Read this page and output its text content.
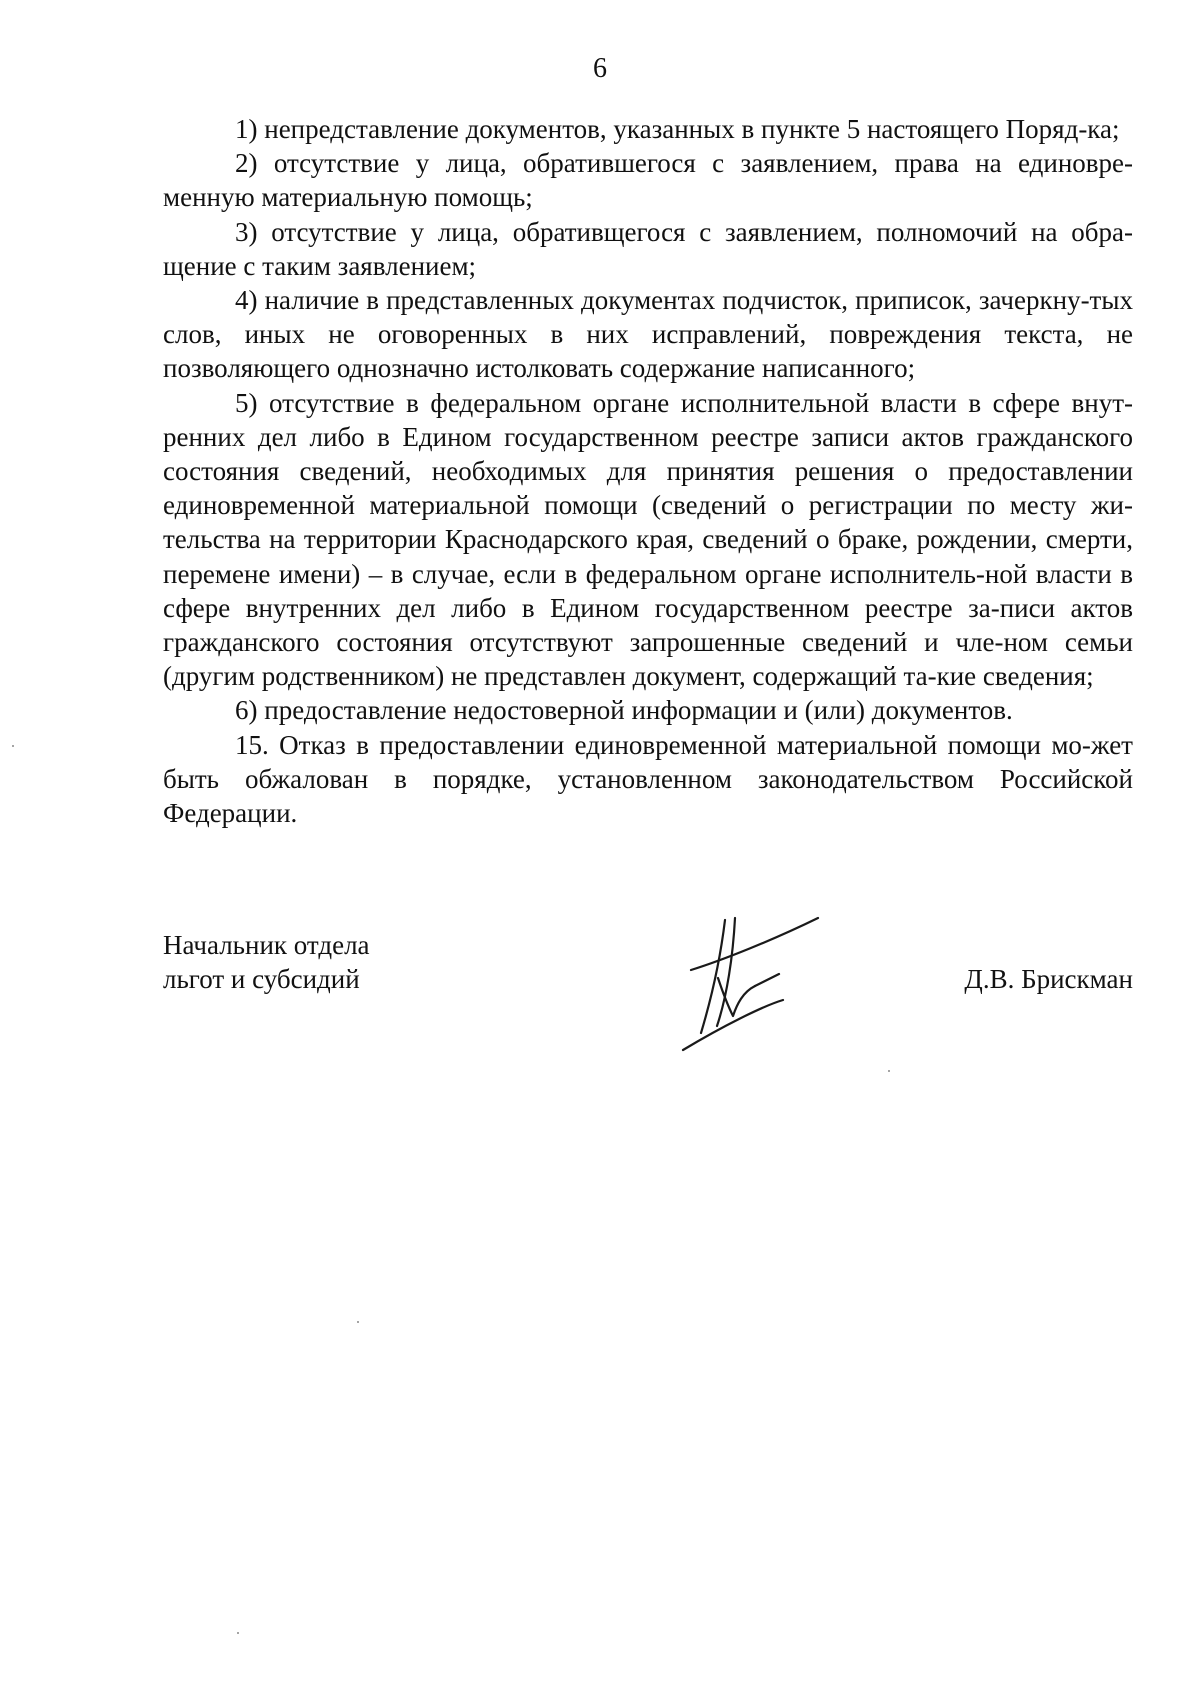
6

1) непредставление документов, указанных в пункте 5 настоящего Поряд-ка;

2) отсутствие у лица, обратившегося с заявлением, права на единовре-менную материальную помощь;

3) отсутствие у лица, обративщегося с заявлением, полномочий на обра-щение с таким заявлением;

4) наличие в представленных документах подчисток, приписок, зачеркну-тых слов, иных не оговоренных в них исправлений, повреждения текста, не позволяющего однозначно истолковать содержание написанного;

5) отсутствие в федеральном органе исполнительной власти в сфере внут-ренних дел либо в Едином государственном реестре записи актов гражданского состояния сведений, необходимых для принятия решения о предоставлении единовременной материальной помощи (сведений о регистрации по месту жи-тельства на территории Краснодарского края, сведений о браке, рождении, смерти, перемене имени) – в случае, если в федеральном органе исполнитель-ной власти в сфере внутренних дел либо в Едином государственном реестре за-писи актов гражданского состояния отсутствуют запрошенные сведений и чле-ном семьи (другим родственником) не представлен документ, содержащий та-кие сведения;

6) предоставление недостоверной информации и (или) документов.

15. Отказ в предоставлении единовременной материальной помощи мо-жет быть обжалован в порядке, установленном законодательством Российской Федерации.

Начальник отдела
льгот и субсидий	Д.В. Брискман
